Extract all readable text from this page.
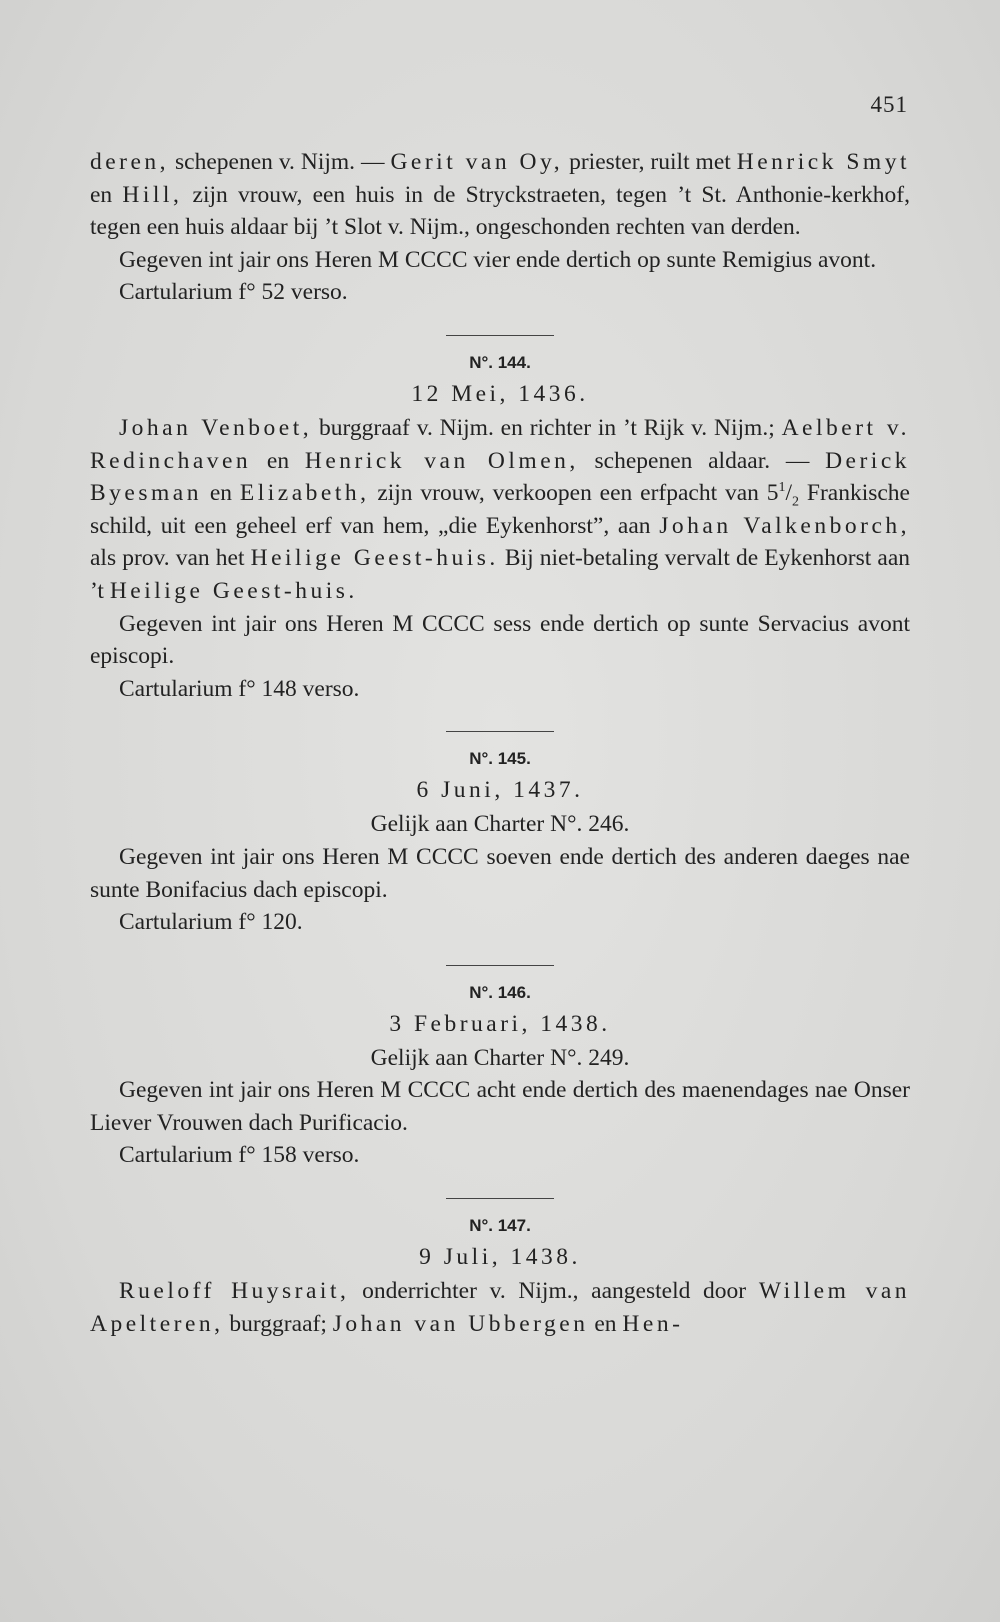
451

deren, schepenen v. Nijm. — Gerit van Oy, priester, ruilt met Henrick Smyt en Hill, zijn vrouw, een huis in de Stryckstraeten, tegen ’t St. Anthonie-kerkhof, tegen een huis aldaar bij ’t Slot v. Nijm., ongeschonden rechten van derden.

Gegeven int jair ons Heren M CCCC vier ende dertich op sunte Remigius avont.

Cartularium f° 52 verso.

N°. 144.
12 Mei, 1436.

Johan Venboet, burggraaf v. Nijm. en richter in ’t Rijk v. Nijm.; Aelbert v. Redinchaven en Henrick van Olmen, schepenen aldaar. — Derick Byesman en Elizabeth, zijn vrouw, verkoopen een erfpacht van $5^1/_2$ Frankische schild, uit een geheel erf van hem, „die Eykenhorst”, aan Johan Valkenborch, als prov. van het Heilige Geest-huis. Bij niet-betaling vervalt de Eykenhorst aan ’t Heilige Geest-huis.

Gegeven int jair ons Heren M CCCC sess ende dertich op sunte Servacius avont episcopi.

Cartularium f° 148 verso.

N°. 145.
6 Juni, 1437.

Gelijk aan Charter N°. 246.

Gegeven int jair ons Heren M CCCC soeven ende dertich des anderen daeges nae sunte Bonifacius dach episcopi.

Cartularium f° 120.

N°. 146.
3 Februari, 1438.

Gelijk aan Charter N°. 249.

Gegeven int jair ons Heren M CCCC acht ende dertich des maenendages nae Onser Liever Vrouwen dach Purificacio.

Cartularium f° 158 verso.

N°. 147.
9 Juli, 1438.

Rueloff Huysrait, onderrichter v. Nijm., aangesteld door Willem van Apelteren, burggraaf; Johan van Ubbergen en Hen-
